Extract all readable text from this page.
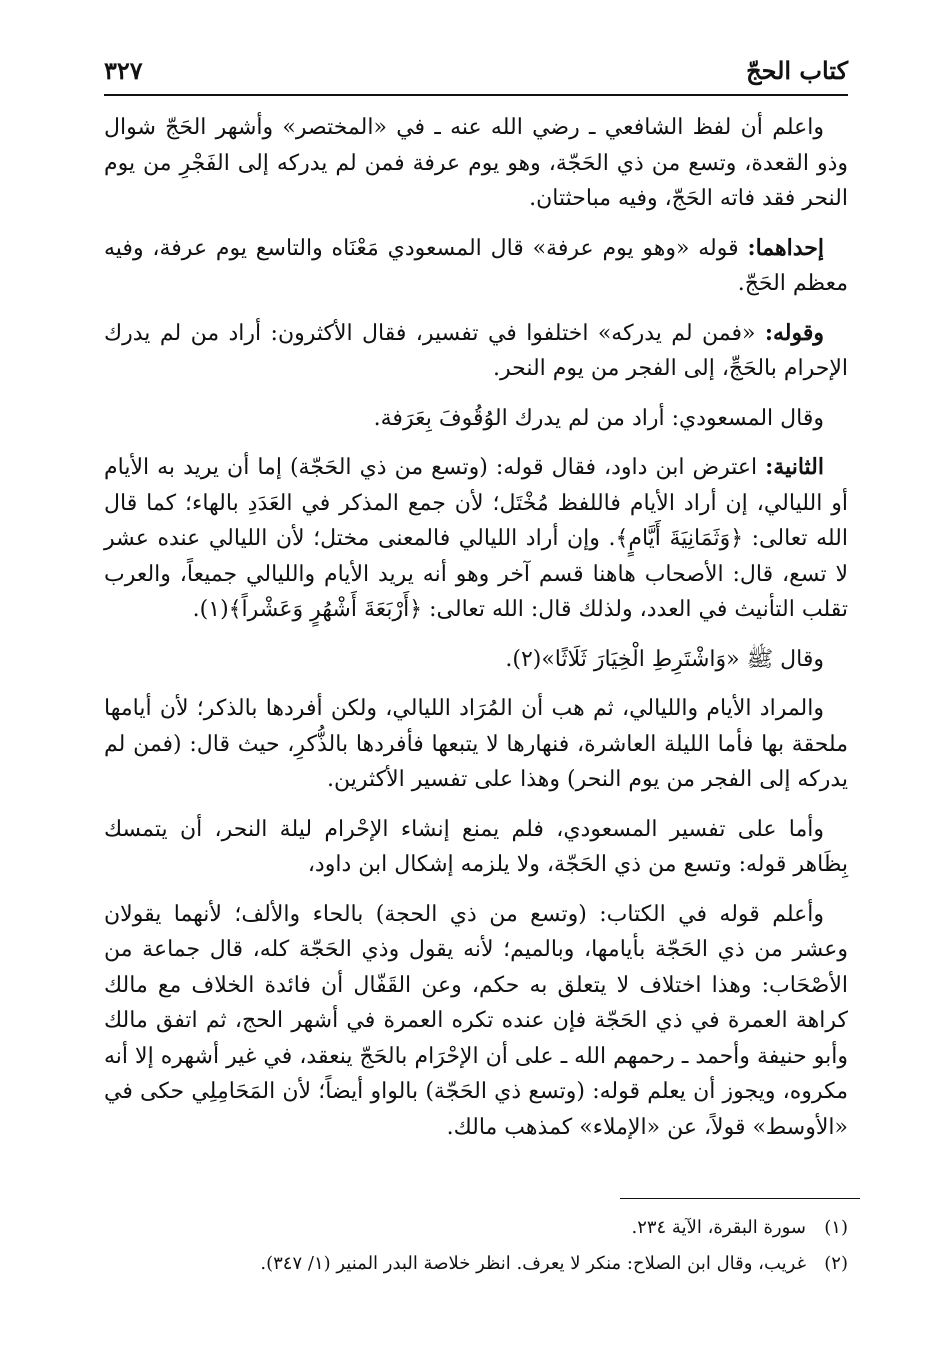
كتاب الحجّ
٣٢٧

واعلم أن لفظ الشافعي ـ رضي الله عنه ـ في «المختصر» وأشهر الحَجّ شوال وذو القعدة، وتسع من ذي الحَجّة، وهو يوم عرفة فمن لم يدركه إلى الفَجْرِ من يوم النحر فقد فاته الحَجّ، وفيه مباحثتان.

إحداهما: قوله «وهو يوم عرفة» قال المسعودي مَعْنَاه والتاسع يوم عرفة، وفيه معظم الحَجّ.

وقوله: «فمن لم يدركه» اختلفوا في تفسير، فقال الأكثرون: أراد من لم يدرك الإحرام بالحَجِّ، إلى الفجر من يوم النحر.

وقال المسعودي: أراد من لم يدرك الوُقُوفَ بِعَرَفة.

الثانية: اعترض ابن داود، فقال قوله: (وتسع من ذي الحَجّة) إما أن يريد به الأيام أو الليالي، إن أراد الأيام فاللفظ مُخْتَل؛ لأن جمع المذكر في العَدَدِ بالهاء؛ كما قال الله تعالى: ﴿وَثَمَانِيَةَ أَيَّامٍ﴾. وإن أراد الليالي فالمعنى مختل؛ لأن الليالي عنده عشر لا تسع، قال: الأصحاب هاهنا قسم آخر وهو أنه يريد الأيام والليالي جميعاً، والعرب تقلب التأنيث في العدد، ولذلك قال: الله تعالى: ﴿أَرْبَعَةَ أَشْهُرٍ وَعَشْراً﴾(١).

وقال ﷺ «وَاشْتَرِطِ الْخِيَارَ ثَلَاثًا»(٢).

والمراد الأيام والليالي، ثم هب أن المُرَاد الليالي، ولكن أفردها بالذكر؛ لأن أيامها ملحقة بها فأما الليلة العاشرة، فنهارها لا يتبعها فأفردها بالذُّكرِ، حيث قال: (فمن لم يدركه إلى الفجر من يوم النحر) وهذا على تفسير الأكثرين.

وأما على تفسير المسعودي، فلم يمنع إنشاء الإحْرام ليلة النحر، أن يتمسك بِظَاهر قوله: وتسع من ذي الحَجّة، ولا يلزمه إشكال ابن داود،

وأعلم قوله في الكتاب: (وتسع من ذي الحجة) بالحاء والألف؛ لأنهما يقولان وعشر من ذي الحَجّة بأيامها، وبالميم؛ لأنه يقول وذي الحَجّة كله، قال جماعة من الأصْحَاب: وهذا اختلاف لا يتعلق به حكم، وعن القَفّال أن فائدة الخلاف مع مالك كراهة العمرة في ذي الحَجّة فإن عنده تكره العمرة في أشهر الحج، ثم اتفق مالك وأبو حنيفة وأحمد ـ رحمهم الله ـ على أن الإحْرَام بالحَجّ ينعقد، في غير أشهره إلا أنه مكروه، ويجوز أن يعلم قوله: (وتسع ذي الحَجّة) بالواو أيضاً؛ لأن المَحَامِلِي حكى في «الأوسط» قولاً، عن «الإملاء» كمذهب مالك.

(١)
سورة البقرة، الآية ٢٣٤.
(٢)
غريب، وقال ابن الصلاح: منكر لا يعرف. انظر خلاصة البدر المنير (١/ ٣٤٧).
